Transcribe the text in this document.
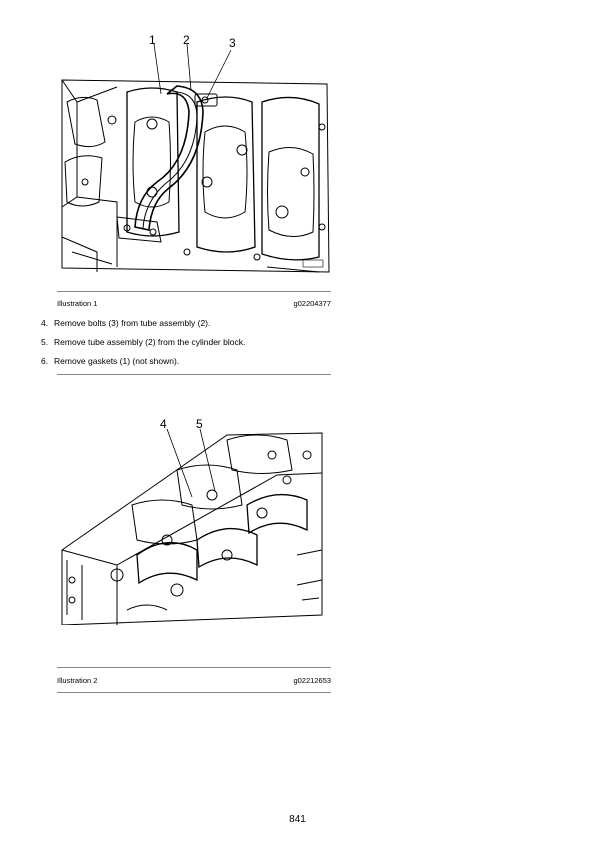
1 2	3
Illustration 1	g02204377
4. Remove bolts (3) from tube assembly (2).
5. Remove tube assembly (2) from the cylinder block.
6. Remove gaskets (1) (not shown).
4 5
Illustration 2	g02212653
841
